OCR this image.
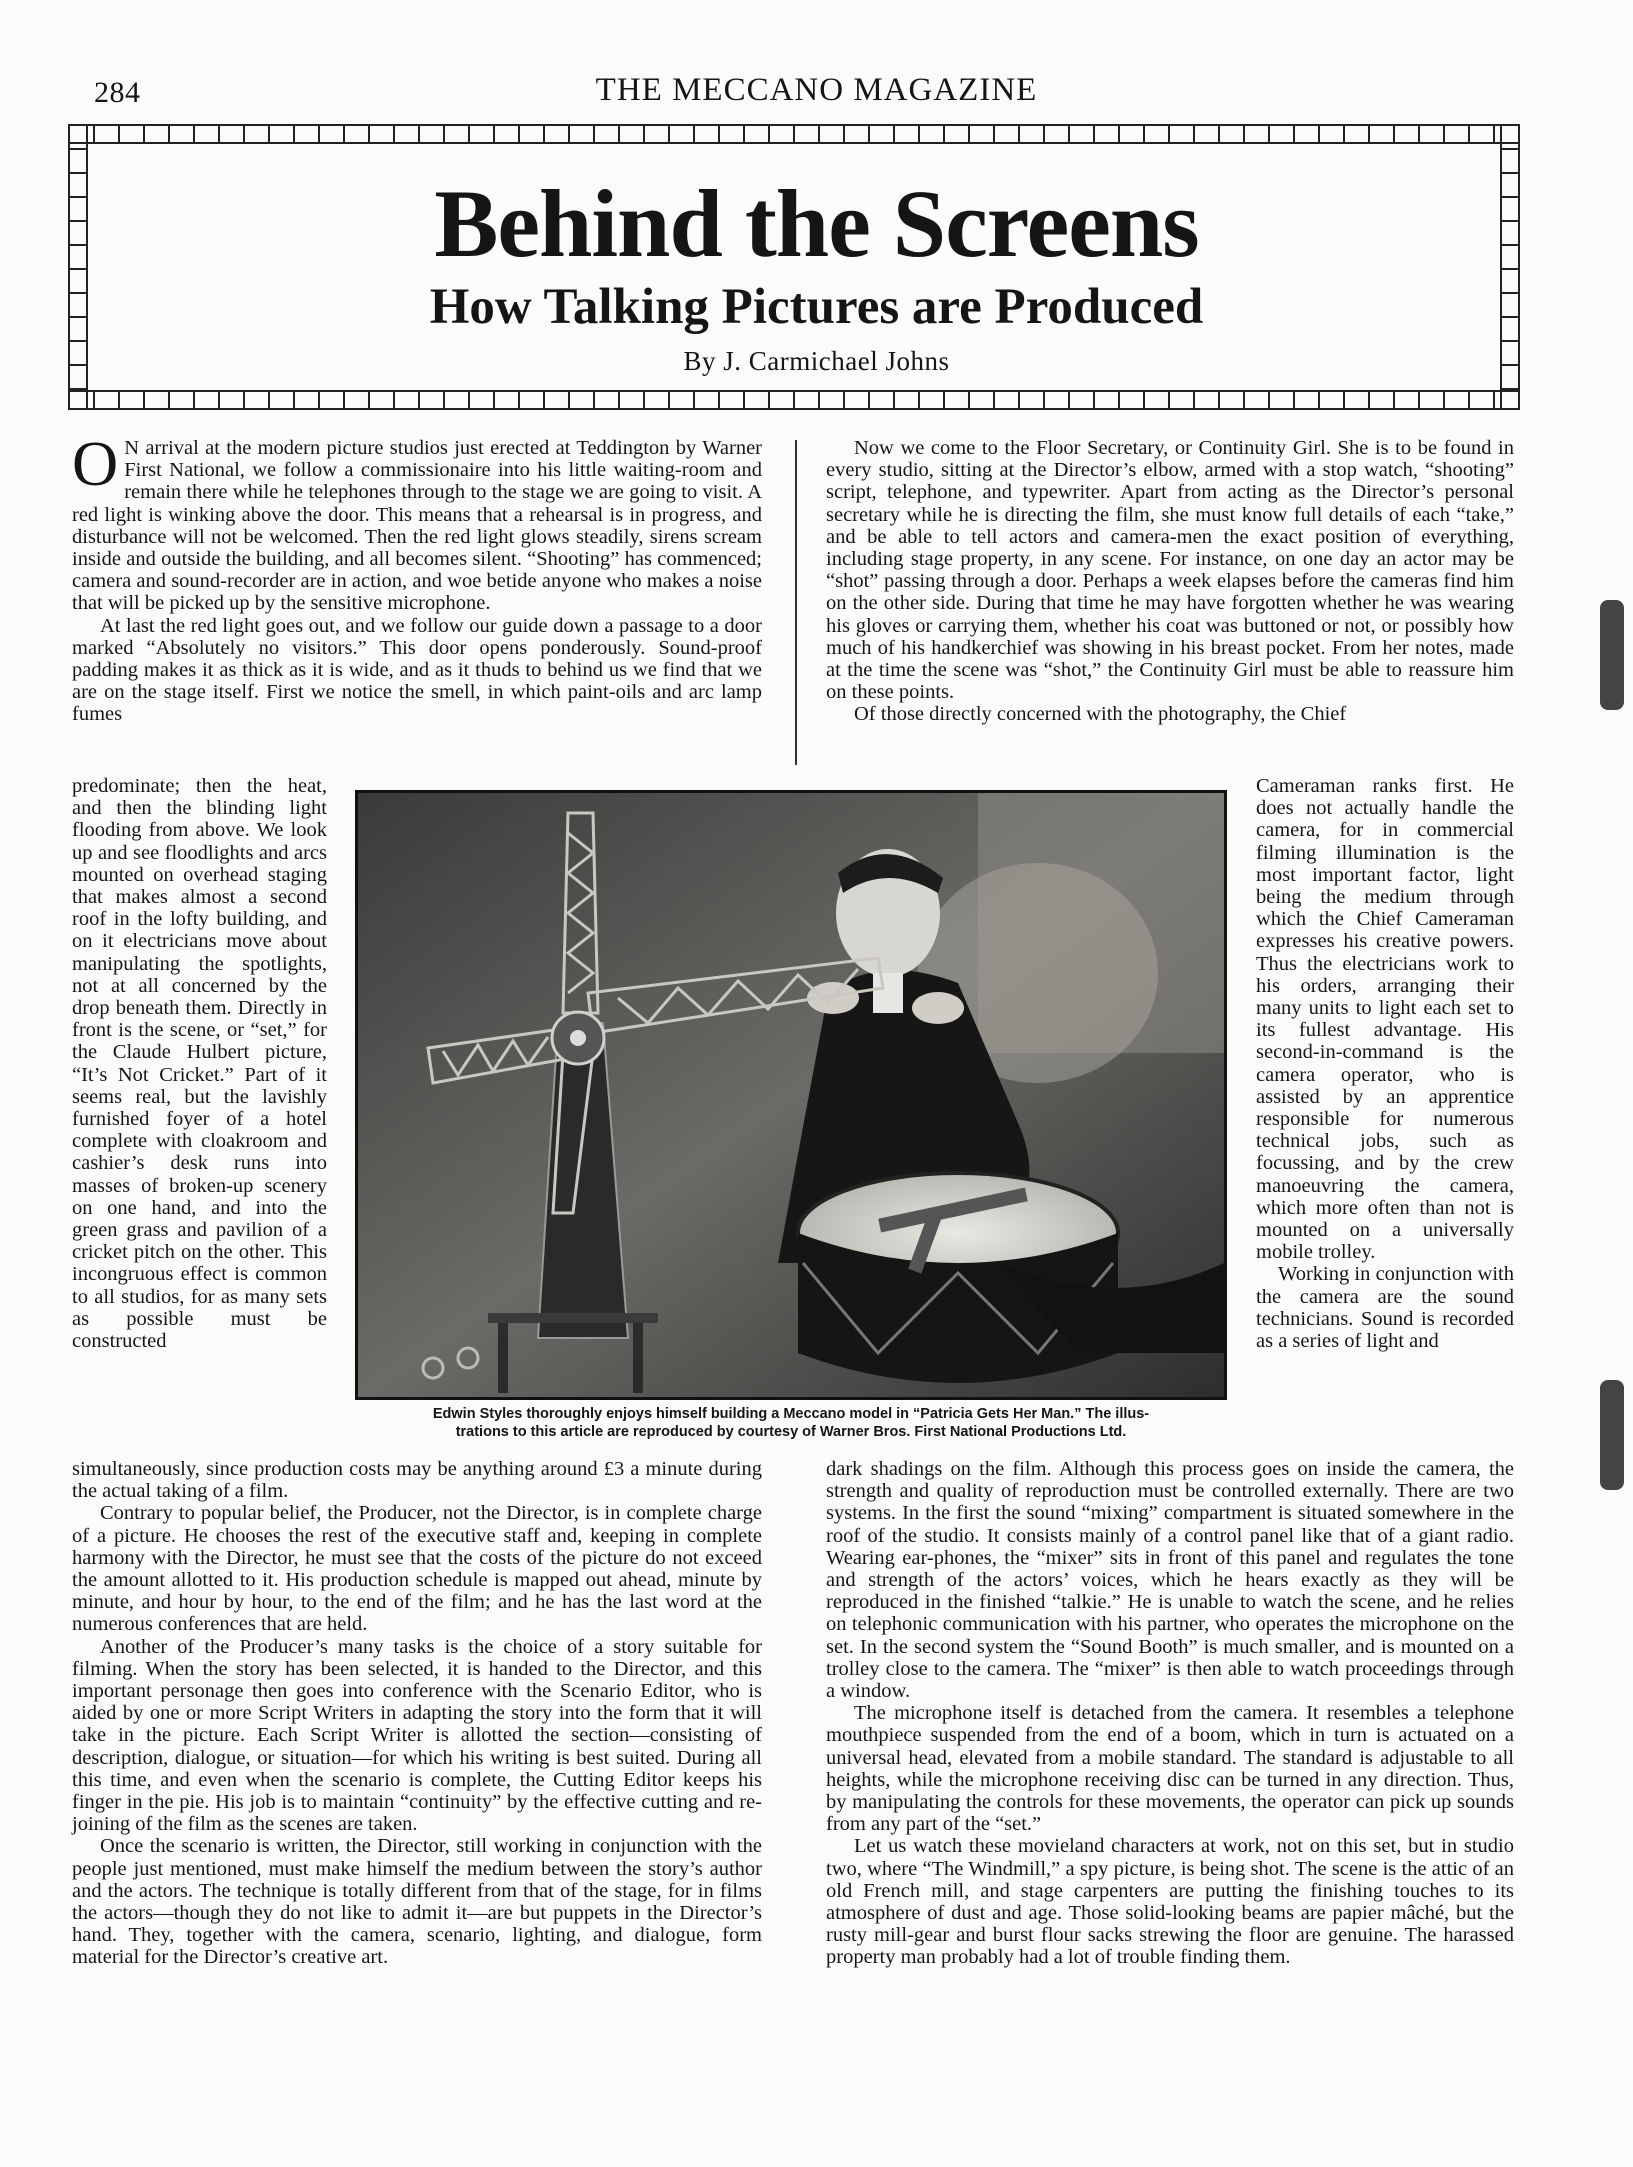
284	THE MECCANO MAGAZINE
Behind the Screens
How Talking Pictures are Produced
By J. Carmichael Johns

O N arrival at the modern picture studios just erected at Teddington by Warner First National, we follow a commissionaire into his little waiting-room and remain there while he telephones through to the stage we are going to visit. A red light is winking above the door. This means that a rehearsal is in progress, and disturbance will not be welcomed. Then the red light glows steadily, sirens scream inside and outside the building, and all becomes silent. “Shooting” has commenced; camera and sound-recorder are in action, and woe betide anyone who makes a noise that will be picked up by the sensitive microphone.

At last the red light goes out, and we follow our guide down a passage to a door marked “Absolutely no visitors.” This door opens ponderously. Sound-proof padding makes it as thick as it is wide, and as it thuds to behind us we find that we are on the stage itself. First we notice the smell, in which paint-oils and arc lamp fumes

Now we come to the Floor Secretary, or Continuity Girl. She is to be found in every studio, sitting at the Director’s elbow, armed with a stop watch, “shooting” script, telephone, and typewriter. Apart from acting as the Director’s personal secretary while he is directing the film, she must know full details of each “take,” and be able to tell actors and camera-men the exact position of everything, including stage property, in any scene. For instance, on one day an actor may be “shot” passing through a door. Perhaps a week elapses before the cameras find him on the other side. During that time he may have forgotten whether he was wearing his gloves or carrying them, whether his coat was buttoned or not, or possibly how much of his handkerchief was showing in his breast pocket. From her notes, made at the time the scene was “shot,” the Continuity Girl must be able to reassure him on these points.

Of those directly concerned with the photography, the Chief

predominate; then the heat, and then the blinding light flooding from above. We look up and see floodlights and arcs mounted on overhead staging that makes almost a second roof in the lofty building, and on it electricians move about manipulating the spotlights, not at all concerned by the drop beneath them. Directly in front is the scene, or “set,” for the Claude Hulbert picture, “It’s Not Cricket.” Part of it seems real, but the lavishly furnished foyer of a hotel complete with cloakroom and cashier’s desk runs into masses of broken-up scenery on one hand, and into the green grass and pavilion of a cricket pitch on the other. This incongruous effect is common to all studios, for as many sets as possible must be constructed

Cameraman ranks first. He does not actually handle the camera, for in commercial filming illumination is the most important factor, light being the medium through which the Chief Cameraman expresses his creative powers. Thus the electricians work to his orders, arranging their many units to light each set to its fullest advantage. His second-in-command is the camera operator, who is assisted by an apprentice responsible for numerous technical jobs, such as focussing, and by the crew manoeuvring the camera, which more often than not is mounted on a universally mobile trolley.

Working in conjunction with the camera are the sound technicians. Sound is recorded as a series of light and

Edwin Styles thoroughly enjoys himself building a Meccano model in “Patricia Gets Her Man.” The illus-
trations to this article are reproduced by courtesy of Warner Bros. First National Productions Ltd.

simultaneously, since production costs may be anything around £3 a minute during the actual taking of a film.

Contrary to popular belief, the Producer, not the Director, is in complete charge of a picture. He chooses the rest of the executive staff and, keeping in complete harmony with the Director, he must see that the costs of the picture do not exceed the amount allotted to it. His production schedule is mapped out ahead, minute by minute, and hour by hour, to the end of the film; and he has the last word at the numerous conferences that are held.

Another of the Producer’s many tasks is the choice of a story suitable for filming. When the story has been selected, it is handed to the Director, and this important personage then goes into conference with the Scenario Editor, who is aided by one or more Script Writers in adapting the story into the form that it will take in the picture. Each Script Writer is allotted the section—consisting of description, dialogue, or situation—for which his writing is best suited. During all this time, and even when the scenario is complete, the Cutting Editor keeps his finger in the pie. His job is to maintain “continuity” by the effective cutting and re-joining of the film as the scenes are taken.

Once the scenario is written, the Director, still working in conjunction with the people just mentioned, must make himself the medium between the story’s author and the actors. The technique is totally different from that of the stage, for in films the actors—though they do not like to admit it—are but puppets in the Director’s hand. They, together with the camera, scenario, lighting, and dialogue, form material for the Director’s creative art.

dark shadings on the film. Although this process goes on inside the camera, the strength and quality of reproduction must be controlled externally. There are two systems. In the first the sound “mixing” compartment is situated somewhere in the roof of the studio. It consists mainly of a control panel like that of a giant radio. Wearing ear-phones, the “mixer” sits in front of this panel and regulates the tone and strength of the actors’ voices, which he hears exactly as they will be reproduced in the finished “talkie.” He is unable to watch the scene, and he relies on telephonic communication with his partner, who operates the microphone on the set. In the second system the “Sound Booth” is much smaller, and is mounted on a trolley close to the camera. The “mixer” is then able to watch proceedings through a window.

The microphone itself is detached from the camera. It resembles a telephone mouthpiece suspended from the end of a boom, which in turn is actuated on a universal head, elevated from a mobile standard. The standard is adjustable to all heights, while the microphone receiving disc can be turned in any direction. Thus, by manipulating the controls for these movements, the operator can pick up sounds from any part of the “set.”

Let us watch these movieland characters at work, not on this set, but in studio two, where “The Windmill,” a spy picture, is being shot. The scene is the attic of an old French mill, and stage carpenters are putting the finishing touches to its atmosphere of dust and age. Those solid-looking beams are papier mâché, but the rusty mill-gear and burst flour sacks strewing the floor are genuine. The harassed property man probably had a lot of trouble finding them.
